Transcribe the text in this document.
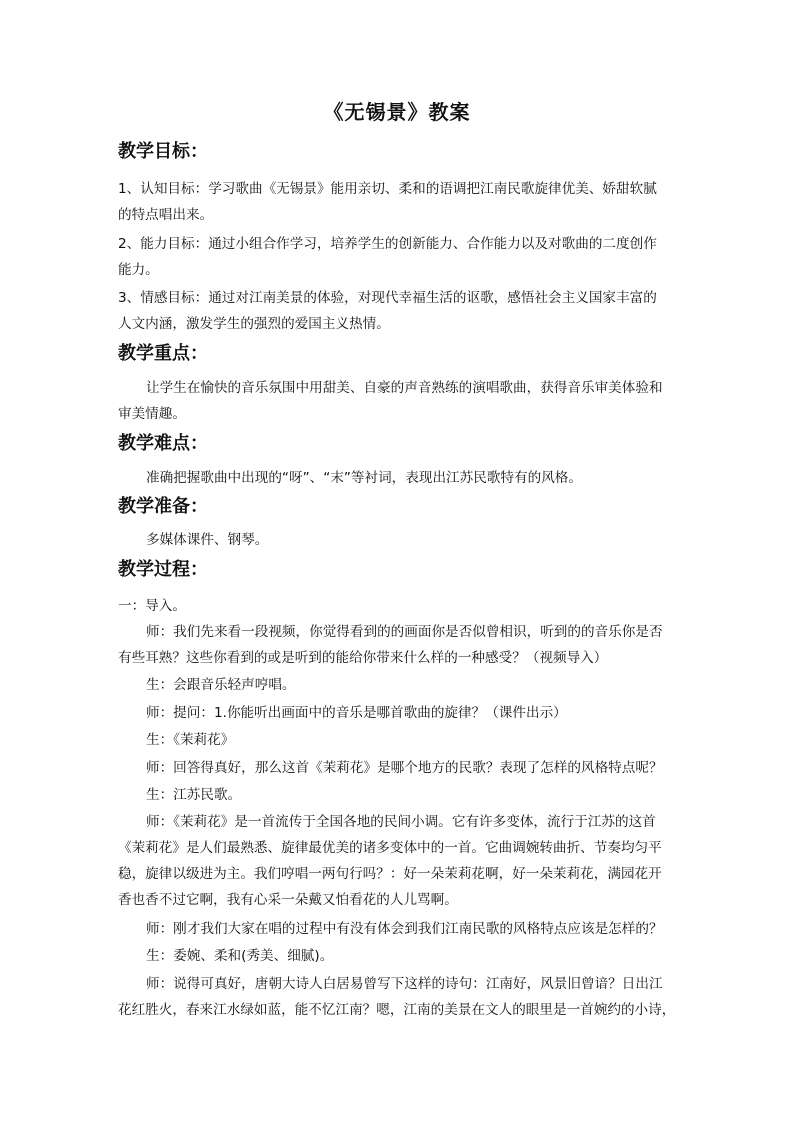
《无锡景》教案
教学目标：
1、认知目标：学习歌曲《无锡景》能用亲切、柔和的语调把江南民歌旋律优美、娇甜软腻
的特点唱出来。
2、能力目标：通过小组合作学习，培养学生的创新能力、合作能力以及对歌曲的二度创作
能力。
3、情感目标：通过对江南美景的体验，对现代幸福生活的讴歌，感悟社会主义国家丰富的
人文内涵，激发学生的强烈的爱国主义热情。
教学重点：
让学生在愉快的音乐氛围中用甜美、自豪的声音熟练的演唱歌曲，获得音乐审美体验和
审美情趣。
教学难点：
准确把握歌曲中出现的“呀”、“末”等衬词，表现出江苏民歌特有的风格。
教学准备：
多媒体课件、钢琴。
教学过程：
一：导入。
师：我们先来看一段视频，你觉得看到的的画面你是否似曾相识，听到的的音乐你是否
有些耳熟？这些你看到的或是听到的能给你带来什么样的一种感受？（视频导入）
生：会跟音乐轻声哼唱。
师：提问：1.你能听出画面中的音乐是哪首歌曲的旋律？（课件出示）
生：《茉莉花》
师：回答得真好，那么这首《茉莉花》是哪个地方的民歌？表现了怎样的风格特点呢？
生：江苏民歌。
师：《茉莉花》是一首流传于全国各地的民间小调。它有许多变体，流行于江苏的这首
《茉莉花》是人们最熟悉、旋律最优美的诸多变体中的一首。它曲调婉转曲折、节奏均匀平
稳，旋律以级进为主。我们哼唱一两句行吗？：好一朵茉莉花啊，好一朵茉莉花，满园花开
香也香不过它啊，我有心采一朵戴又怕看花的人儿骂啊。
师：刚才我们大家在唱的过程中有没有体会到我们江南民歌的风格特点应该是怎样的？
生：委婉、柔和(秀美、细腻)。
师：说得可真好，唐朝大诗人白居易曾写下这样的诗句：江南好，风景旧曾谙？日出江
花红胜火，春来江水绿如蓝，能不忆江南？嗯，江南的美景在文人的眼里是一首婉约的小诗，
